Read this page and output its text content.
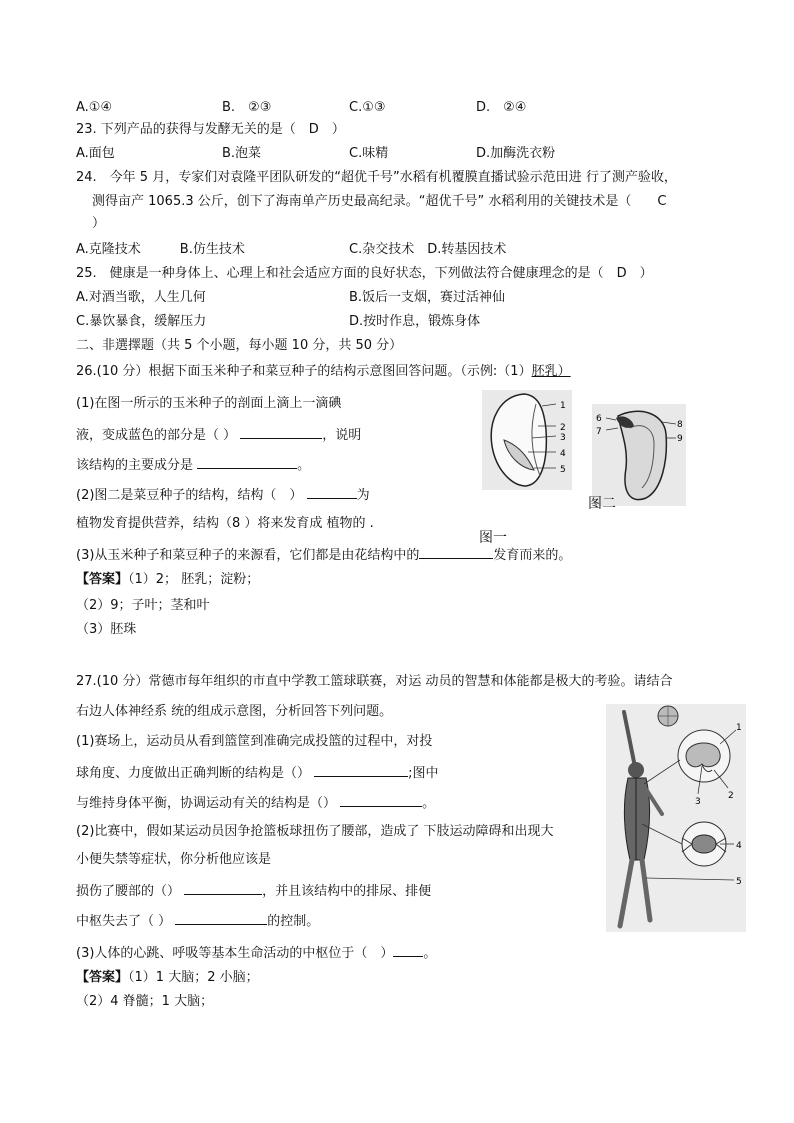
A.①④	B.　②③	C.①③	D.　②④
23. 下列产品的获得与发酵无关的是（　D　）
A.面包	B.泡菜	C.味精	D.加酶洗衣粉
24.　今年 5 月，专家们对袁隆平团队研发的“超优千号”水稻有机覆膜直播试验示范田进 行了测产验收，
测得亩产 1065.3 公斤，创下了海南单产历史最高纪录。“超优千号” 水稻利用的关键技术是（　　C
）
A.克隆技术　　　B.仿生技术	C.杂交技术　D.转基因技术
25.　健康是一种身体上、心理上和社会适应方面的良好状态，下列做法符合健康理念的是（　D　）
A.对酒当歌，人生几何	B.饭后一支烟，赛过活神仙
C.暴饮暴食，缓解压力	D.按时作息，锻炼身体
二、非選擇题（共 5 个小题，每小题 10 分，共 50 分）
26.(10 分）根据下面玉米种子和菜豆种子的结构示意图回答问题。（示例:（1）胚乳）
(1)在图一所示的玉米种子的剖面上滴上一滴碘
液，变成蓝色的部分是（ ）	，说明
该结构的主要成分是	。
(2)图二是菜豆种子的结构，结构（　）	为
植物发育提供营养，结构（8 ）将来发育成 植物的 .
(3)从玉米种子和菜豆种子的来源看，它们都是由花结构中的	发育而来的。
【答案】（1）2； 胚乳；淀粉；
（2）9；子叶；茎和叶
（3）胚珠
1
2
3
4
5
图一
6
7
8
9
图二
27.(10 分）常德市每年组织的市直中学教工篮球联赛，对运 动员的智慧和体能都是极大的考验。请结合
右边人体神经系 统的组成示意图，分析回答下列问题。
(1)赛场上，运动员从看到篮筐到准确完成投篮的过程中，对投
球角度、力度做出正确判断的结构是（）	;图中
与维持身体平衡，协调运动有关的结构是（）	。
(2)比赛中，假如某运动员因争抢篮板球扭伤了腰部，造成了 下肢运动障碍和出现大
小便失禁等症状，你分析他应该是
损伤了腰部的（）	，并且该结构中的排尿、排便
中枢失去了（ ）	的控制。
(3)人体的心跳、呼吸等基本生命活动的中枢位于（　） 。
【答案】（1）1 大脑；2 小脑；
（2）4 脊髓；1 大脑；
1
2
3
4
5
